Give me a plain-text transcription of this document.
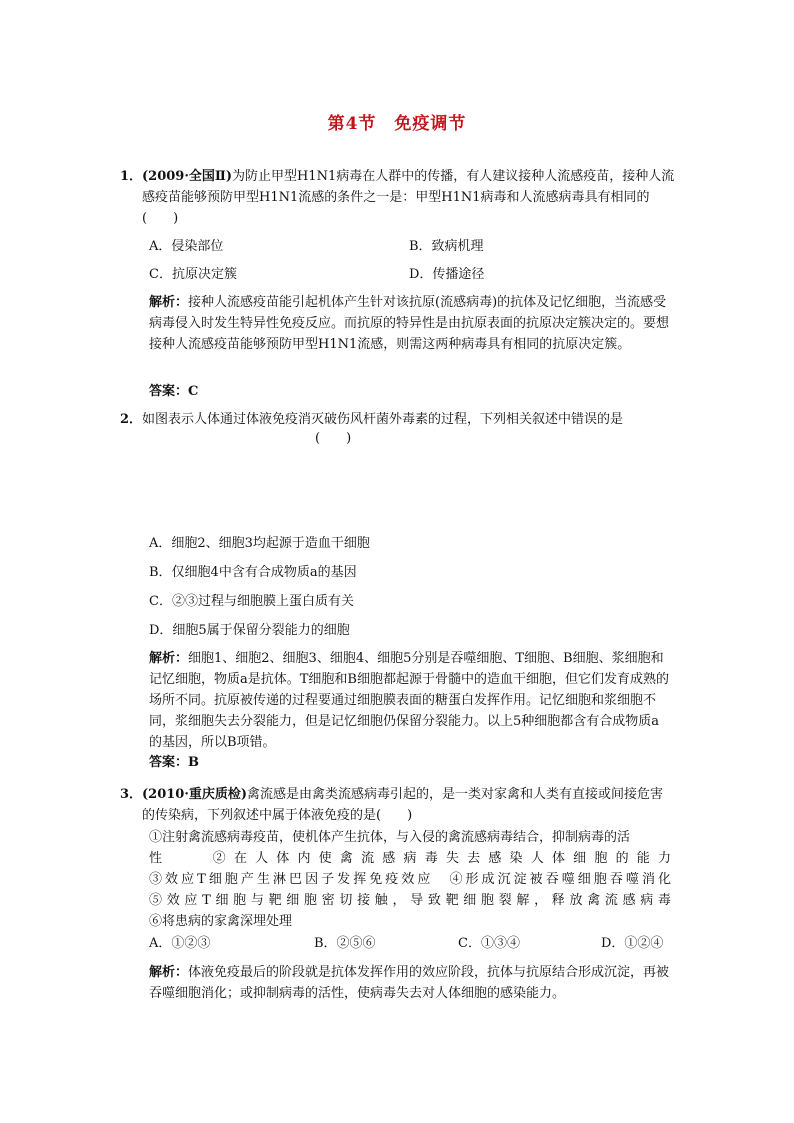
第4节　免疫调节
1． (2009·全国Ⅱ)为防止甲型H1N1病毒在人群中的传播，有人建议接种人流感疫苗，接种人流感疫苗能够预防甲型H1N1流感的条件之一是：甲型H1N1病毒和人流感病毒具有相同的(　　)
A．侵染部位	B．致病机理
C．抗原决定簇	D．传播途径
解析：接种人流感疫苗能引起机体产生针对该抗原(流感病毒)的抗体及记忆细胞，当流感受病毒侵入时发生特异性免疫反应。而抗原的特异性是由抗原表面的抗原决定簇决定的。要想接种人流感疫苗能够预防甲型H1N1流感，则需这两种病毒具有相同的抗原决定簇。
答案：C
2． 如图表示人体通过体液免疫消灭破伤风杆菌外毒素的过程，下列相关叙述中错误的是
(　　)
A．细胞2、细胞3均起源于造血干细胞
B．仅细胞4中含有合成物质a的基因
C．②③过程与细胞膜上蛋白质有关
D．细胞5属于保留分裂能力的细胞
解析：细胞1、细胞2、细胞3、细胞4、细胞5分别是吞噬细胞、T细胞、B细胞、浆细胞和记忆细胞，物质a是抗体。T细胞和B细胞都起源于骨髓中的造血干细胞，但它们发育成熟的场所不同。抗原被传递的过程要通过细胞膜表面的糖蛋白发挥作用。记忆细胞和浆细胞不同，浆细胞失去分裂能力，但是记忆细胞仍保留分裂能力。以上5种细胞都含有合成物质a的基因，所以B项错。
答案：B
3． (2010·重庆质检)禽流感是由禽类流感病毒引起的，是一类对家禽和人类有直接或间接危害的传染病，下列叙述中属于体液免疫的是(　　)
①注射禽流感病毒疫苗，使机体产生抗体，与入侵的禽流感病毒结合，抑制病毒的活
性　　②在人体内使禽流感病毒失去感染人体细胞的能力
③效应T细胞产生淋巴因子发挥免疫效应　④形成沉淀被吞噬细胞吞噬消化
⑤效应T细胞与靶细胞密切接触，导致靶细胞裂解，释放禽流感病毒
⑥将患病的家禽深埋处理
A．①②③	B．②⑤⑥	C．①③④	D．①②④
解析：体液免疫最后的阶段就是抗体发挥作用的效应阶段，抗体与抗原结合形成沉淀，再被吞噬细胞消化；或抑制病毒的活性，使病毒失去对人体细胞的感染能力。
